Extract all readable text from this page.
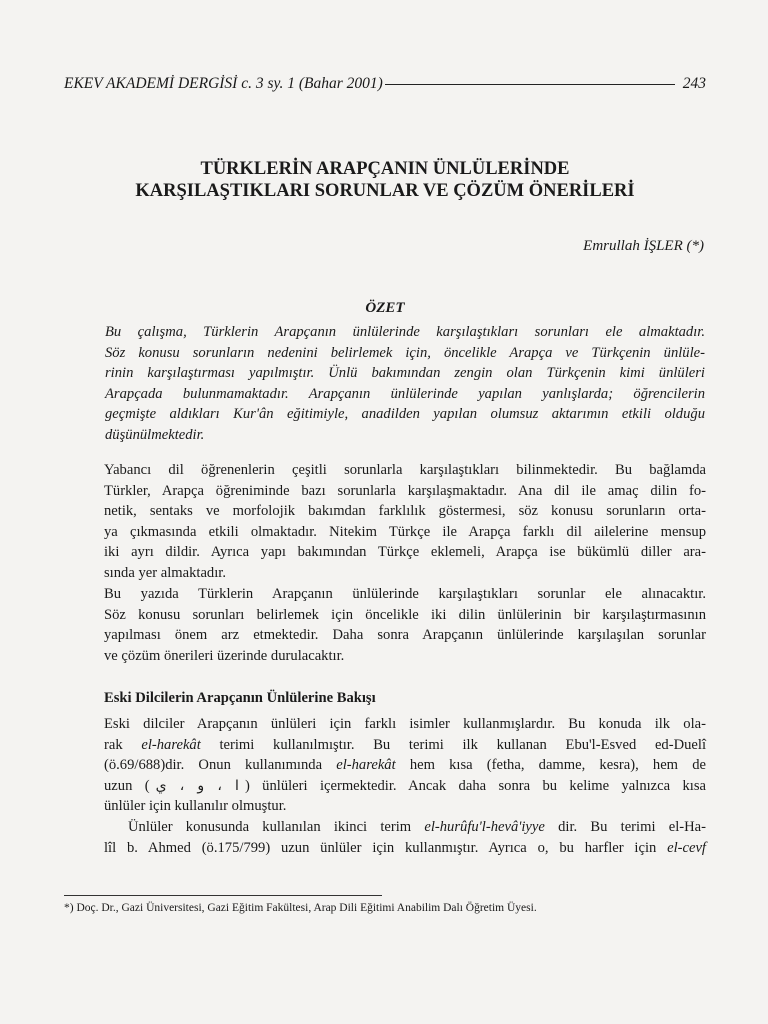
EKEV AKADEMİ DERGİSİ c. 3 sy. 1 (Bahar 2001)	243
TÜRKLERİN ARAPÇANIN ÜNLÜLERİNDE
KARŞILAŞTIKLARI SORUNLAR VE ÇÖZÜM ÖNERİLERİ
Emrullah İŞLER (*)
ÖZET
Bu çalışma, Türklerin Arapçanın ünlülerinde karşılaştıkları sorunları ele almaktadır.
Söz konusu sorunların nedenini belirlemek için, öncelikle Arapça ve Türkçenin ünlüle-
rinin karşılaştırması yapılmıştır. Ünlü bakımından zengin olan Türkçenin kimi ünlüleri
Arapçada bulunmamaktadır. Arapçanın ünlülerinde yapılan yanlışlarda; öğrencilerin
geçmişte aldıkları Kur'ân eğitimiyle, anadilden yapılan olumsuz aktarımın etkili olduğu
düşünülmektedir.
Yabancı dil öğrenenlerin çeşitli sorunlarla karşılaştıkları bilinmektedir. Bu bağlamda
Türkler, Arapça öğreniminde bazı sorunlarla karşılaşmaktadır. Ana dil ile amaç dilin fo-
netik, sentaks ve morfolojik bakımdan farklılık göstermesi, söz konusu sorunların orta-
ya çıkmasında etkili olmaktadır. Nitekim Türkçe ile Arapça farklı dil ailelerine mensup
iki ayrı dildir. Ayrıca yapı bakımından Türkçe eklemeli, Arapça ise bükümlü diller ara-
sında yer almaktadır.
Bu yazıda Türklerin Arapçanın ünlülerinde karşılaştıkları sorunlar ele alınacaktır.
Söz konusu sorunları belirlemek için öncelikle iki dilin ünlülerinin bir karşılaştırmasının
yapılması önem arz etmektedir. Daha sonra Arapçanın ünlülerinde karşılaşılan sorunlar
ve çözüm önerileri üzerinde durulacaktır.
Eski Dilcilerin Arapçanın Ünlülerine Bakışı
Eski dilciler Arapçanın ünlüleri için farklı isimler kullanmışlardır. Bu konuda ilk ola-
rak el-harekât terimi kullanılmıştır. Bu terimi ilk kullanan Ebu'l-Esved ed-Duelî
(ö.69/688)dir. Onun kullanımında el-harekât hem kısa (fetha, damme, kesra), hem de
uzun ( ا ، و ، ي ) ünlüleri içermektedir. Ancak daha sonra bu kelime yalnızca kısa
ünlüler için kullanılır olmuştur.
Ünlüler konusunda kullanılan ikinci terim el-hurûfu'l-hevâ'iyye dir. Bu terimi el-Ha-
lîl b. Ahmed (ö.175/799) uzun ünlüler için kullanmıştır. Ayrıca o, bu harfler için el-cevf
*) Doç. Dr., Gazi Üniversitesi, Gazi Eğitim Fakültesi, Arap Dili Eğitimi Anabilim Dalı Öğretim Üyesi.
